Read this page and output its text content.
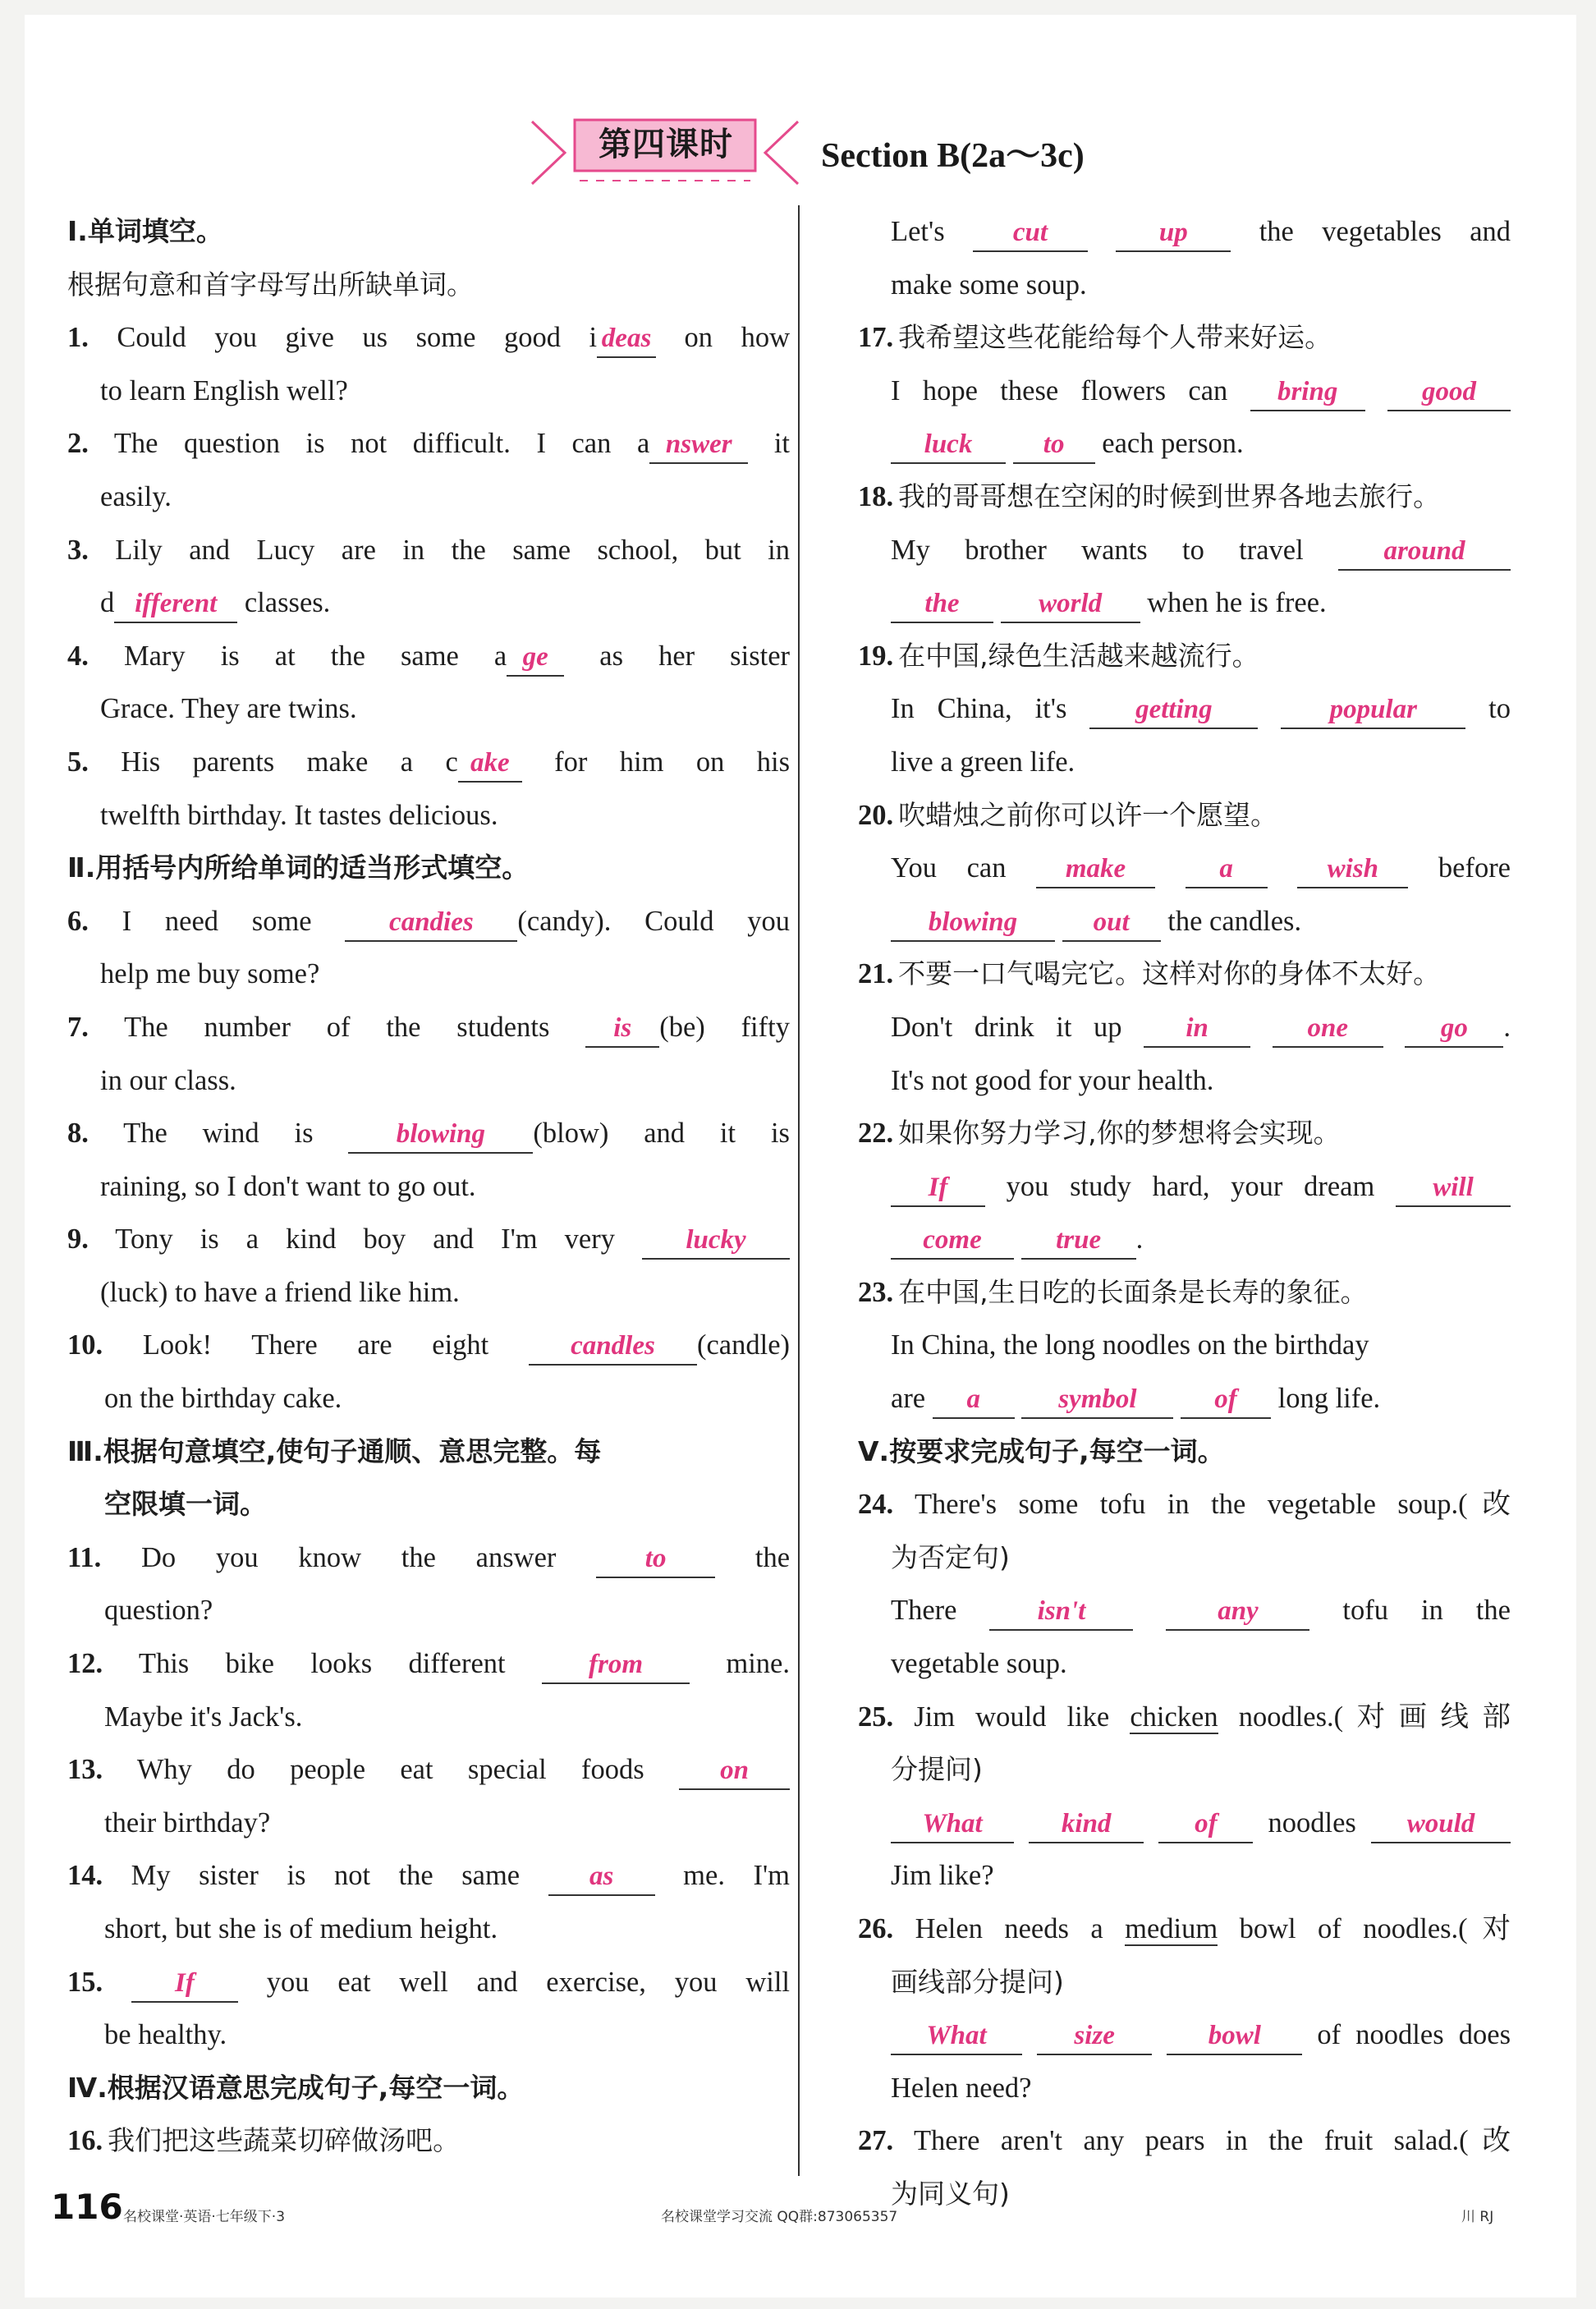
第四课时	Section B(2a～3c)
Ⅰ.单词填空。
根据句意和首字母写出所缺单词。
1. Could you give us some good i deas on how
to learn English well?
2. The question is not difficult. I can a nswer it
easily.
3. Lily and Lucy are in the same school, but in
d ifferent classes.
4. Mary is at the same a ge as her sister
Grace. They are twins.
5. His parents make a c ake for him on his
twelfth birthday. It tastes delicious.
Ⅱ.用括号内所给单词的适当形式填空。
6. I need some candies (candy). Could you
help me buy some?
7. The number of the students is (be) fifty
in our class.
8. The wind is blowing (blow) and it is
raining, so I don't want to go out.
9. Tony is a kind boy and I'm very lucky
(luck) to have a friend like him.
10. Look! There are eight candles (candle)
on the birthday cake.
Ⅲ.根据句意填空,使句子通顺、意思完整。每
空限填一词。
11. Do you know the answer to the
question?
12. This bike looks different from mine.
Maybe it's Jack's.
13. Why do people eat special foods on
their birthday?
14. My sister is not the same as me. I'm
short, but she is of medium height.
15.	If you eat well and exercise, you will
be healthy.
Ⅳ.根据汉语意思完成句子,每空一词。
16. 我们把这些蔬菜切碎做汤吧。
Let's cut	up the vegetables and
make some soup.
17. 我希望这些花能给每个人带来好运。
I hope these flowers can bring	good
luck	to each person.
18. 我的哥哥想在空闲的时候到世界各地去旅行。
My brother wants to travel around
the	world when he is free.
19. 在中国,绿色生活越来越流行。
In China, it's getting	popular to
live a green life.
20. 吹蜡烛之前你可以许一个愿望。
You can make	a	wish before
blowing	out the candles.
21. 不要一口气喝完它。这样对你的身体不太好。
Don't drink it up in	one	go .
It's not good for your health.
22. 如果你努力学习,你的梦想将会实现。
If you study hard, your dream will
come	true .
23. 在中国,生日吃的长面条是长寿的象征。
In China, the long noodles on the birthday
are a	symbol	of long life.
Ⅴ.按要求完成句子,每空一词。
24. There's some tofu in the vegetable soup.(改
为否定句)
There isn't	any tofu in the
vegetable soup.
25. Jim would like chicken noodles.(对画线部
分提问)
What	kind	of noodles would
Jim like?
26. Helen needs a medium bowl of noodles.(对
画线部分提问)
What	size	bowl of noodles does
Helen need?
27. There aren't any pears in the fruit salad.(改
为同义句)
116 名校课堂·英语·七年级下·3	名校课堂学习交流 QQ群:873065357	川 RJ
